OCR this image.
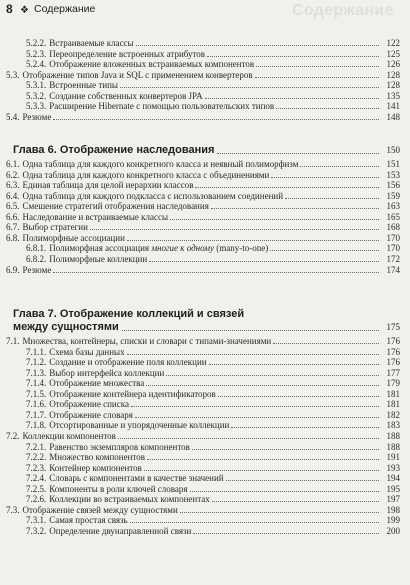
8 ❖ Содержание	Содержание
5.2.2. Встраиваемые классы	122
5.2.3. Переопределение встроенных атрибутов	125
5.2.4. Отображение вложенных встраиваемых компонентов	126
5.3. Отображение типов Java и SQL с применением конвертеров	128
5.3.1. Встроенные типы	128
5.3.2. Создание собственных конвертеров JPA	135
5.3.3. Расширение Hibernate с помощью пользовательских типов	141
5.4. Резюме	148
Глава 6. Отображение наследования	150
6.1. Одна таблица для каждого конкретного класса и неявный полиморфизм	151
6.2. Одна таблица для каждого конкретного класса с объединениями	153
6.3. Единая таблица для целой иерархии классов	156
6.4. Одна таблица для каждого подкласса с использованием соединений	159
6.5. Смешение стратегий отображения наследования	163
6.6. Наследование и встраиваемые классы	165
6.7. Выбор стратегии	168
6.8. Полиморфные ассоциации	170
6.8.1. Полиморфная ассоциация многие к одному (many-to-one)	170
6.8.2. Полиморфные коллекции	172
6.9. Резюме	174
Глава 7. Отображение коллекций и связей
между сущностями	175
7.1. Множества, контейнеры, списки и словари с типами-значениями	176
7.1.1. Схема базы данных	176
7.1.2. Создание и отображение поля коллекции	176
7.1.3. Выбор интерфейса коллекции	177
7.1.4. Отображение множества	179
7.1.5. Отображение контейнера идентификаторов	181
7.1.6. Отображение списка	181
7.1.7. Отображение словаря	182
7.1.8. Отсортированные и упорядоченные коллекции	183
7.2. Коллекции компонентов	188
7.2.1. Равенство экземпляров компонентов	188
7.2.2. Множество компонентов	191
7.2.3. Контейнер компонентов	193
7.2.4. Словарь с компонентами в качестве значений	194
7.2.5. Компоненты в роли ключей словаря	195
7.2.6. Коллекции во встраиваемых компонентах	197
7.3. Отображение связей между сущностями	198
7.3.1. Самая простая связь	199
7.3.2. Определение двунаправленной связи	200
